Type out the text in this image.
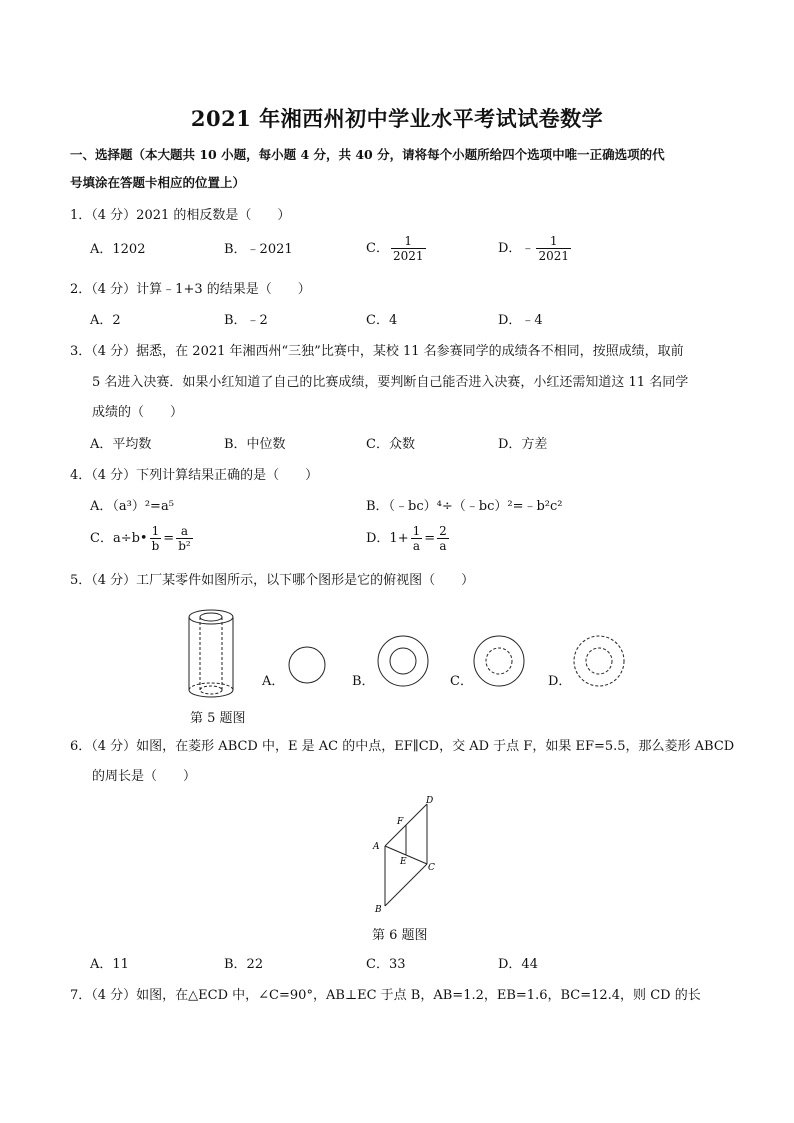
2021 年湘西州初中学业水平考试试卷数学
一、选择题（本大题共 10 小题，每小题 4 分，共 40 分，请将每个小题所给四个选项中唯一正确选项的代
号填涂在答题卡相应的位置上）
1．（4 分）2021 的相反数是（　　）
A．1202	B．﹣2021	C． $\frac{1}{2021}$	D．﹣ $\frac{1}{2021}$
2．（4 分）计算﹣1+3 的结果是（　　）
A．2	B．﹣2	C．4	D．﹣4
3．（4 分）据悉，在 2021 年湘西州“三独”比赛中，某校 11 名参赛同学的成绩各不相同，按照成绩，取前
5 名进入决赛．如果小红知道了自己的比赛成绩，要判断自己能否进入决赛，小红还需知道这 11 名同学
成绩的（　　）
A．平均数	B．中位数	C．众数	D．方差
4．（4 分）下列计算结果正确的是（　　）
A．（a³）²=a⁵	B．（﹣bc）⁴÷（﹣bc）²=﹣b²c²
C．a÷b• $\frac{1}{b} = \frac{a}{\text{b²}}$	D．$1+ \frac{1}{a} = \frac{2}{a}$
5．（4 分）工厂某零件如图所示，以下哪个图形是它的俯视图（　　）
第 5 题图
A．	B．	C．	D．
6．（4 分）如图，在菱形 ABCD 中，E 是 AC 的中点，EF∥CD，交 AD 于点 F，如果 EF=5.5，那么菱形 ABCD
的周长是（　　）
A
B
C
D
E
F
第 6 题图
A．11	B．22	C．33	D．44
7．（4 分）如图，在△ECD 中，∠C=90°，AB⊥EC 于点 B，AB=1.2，EB=1.6，BC=12.4，则 CD 的长
